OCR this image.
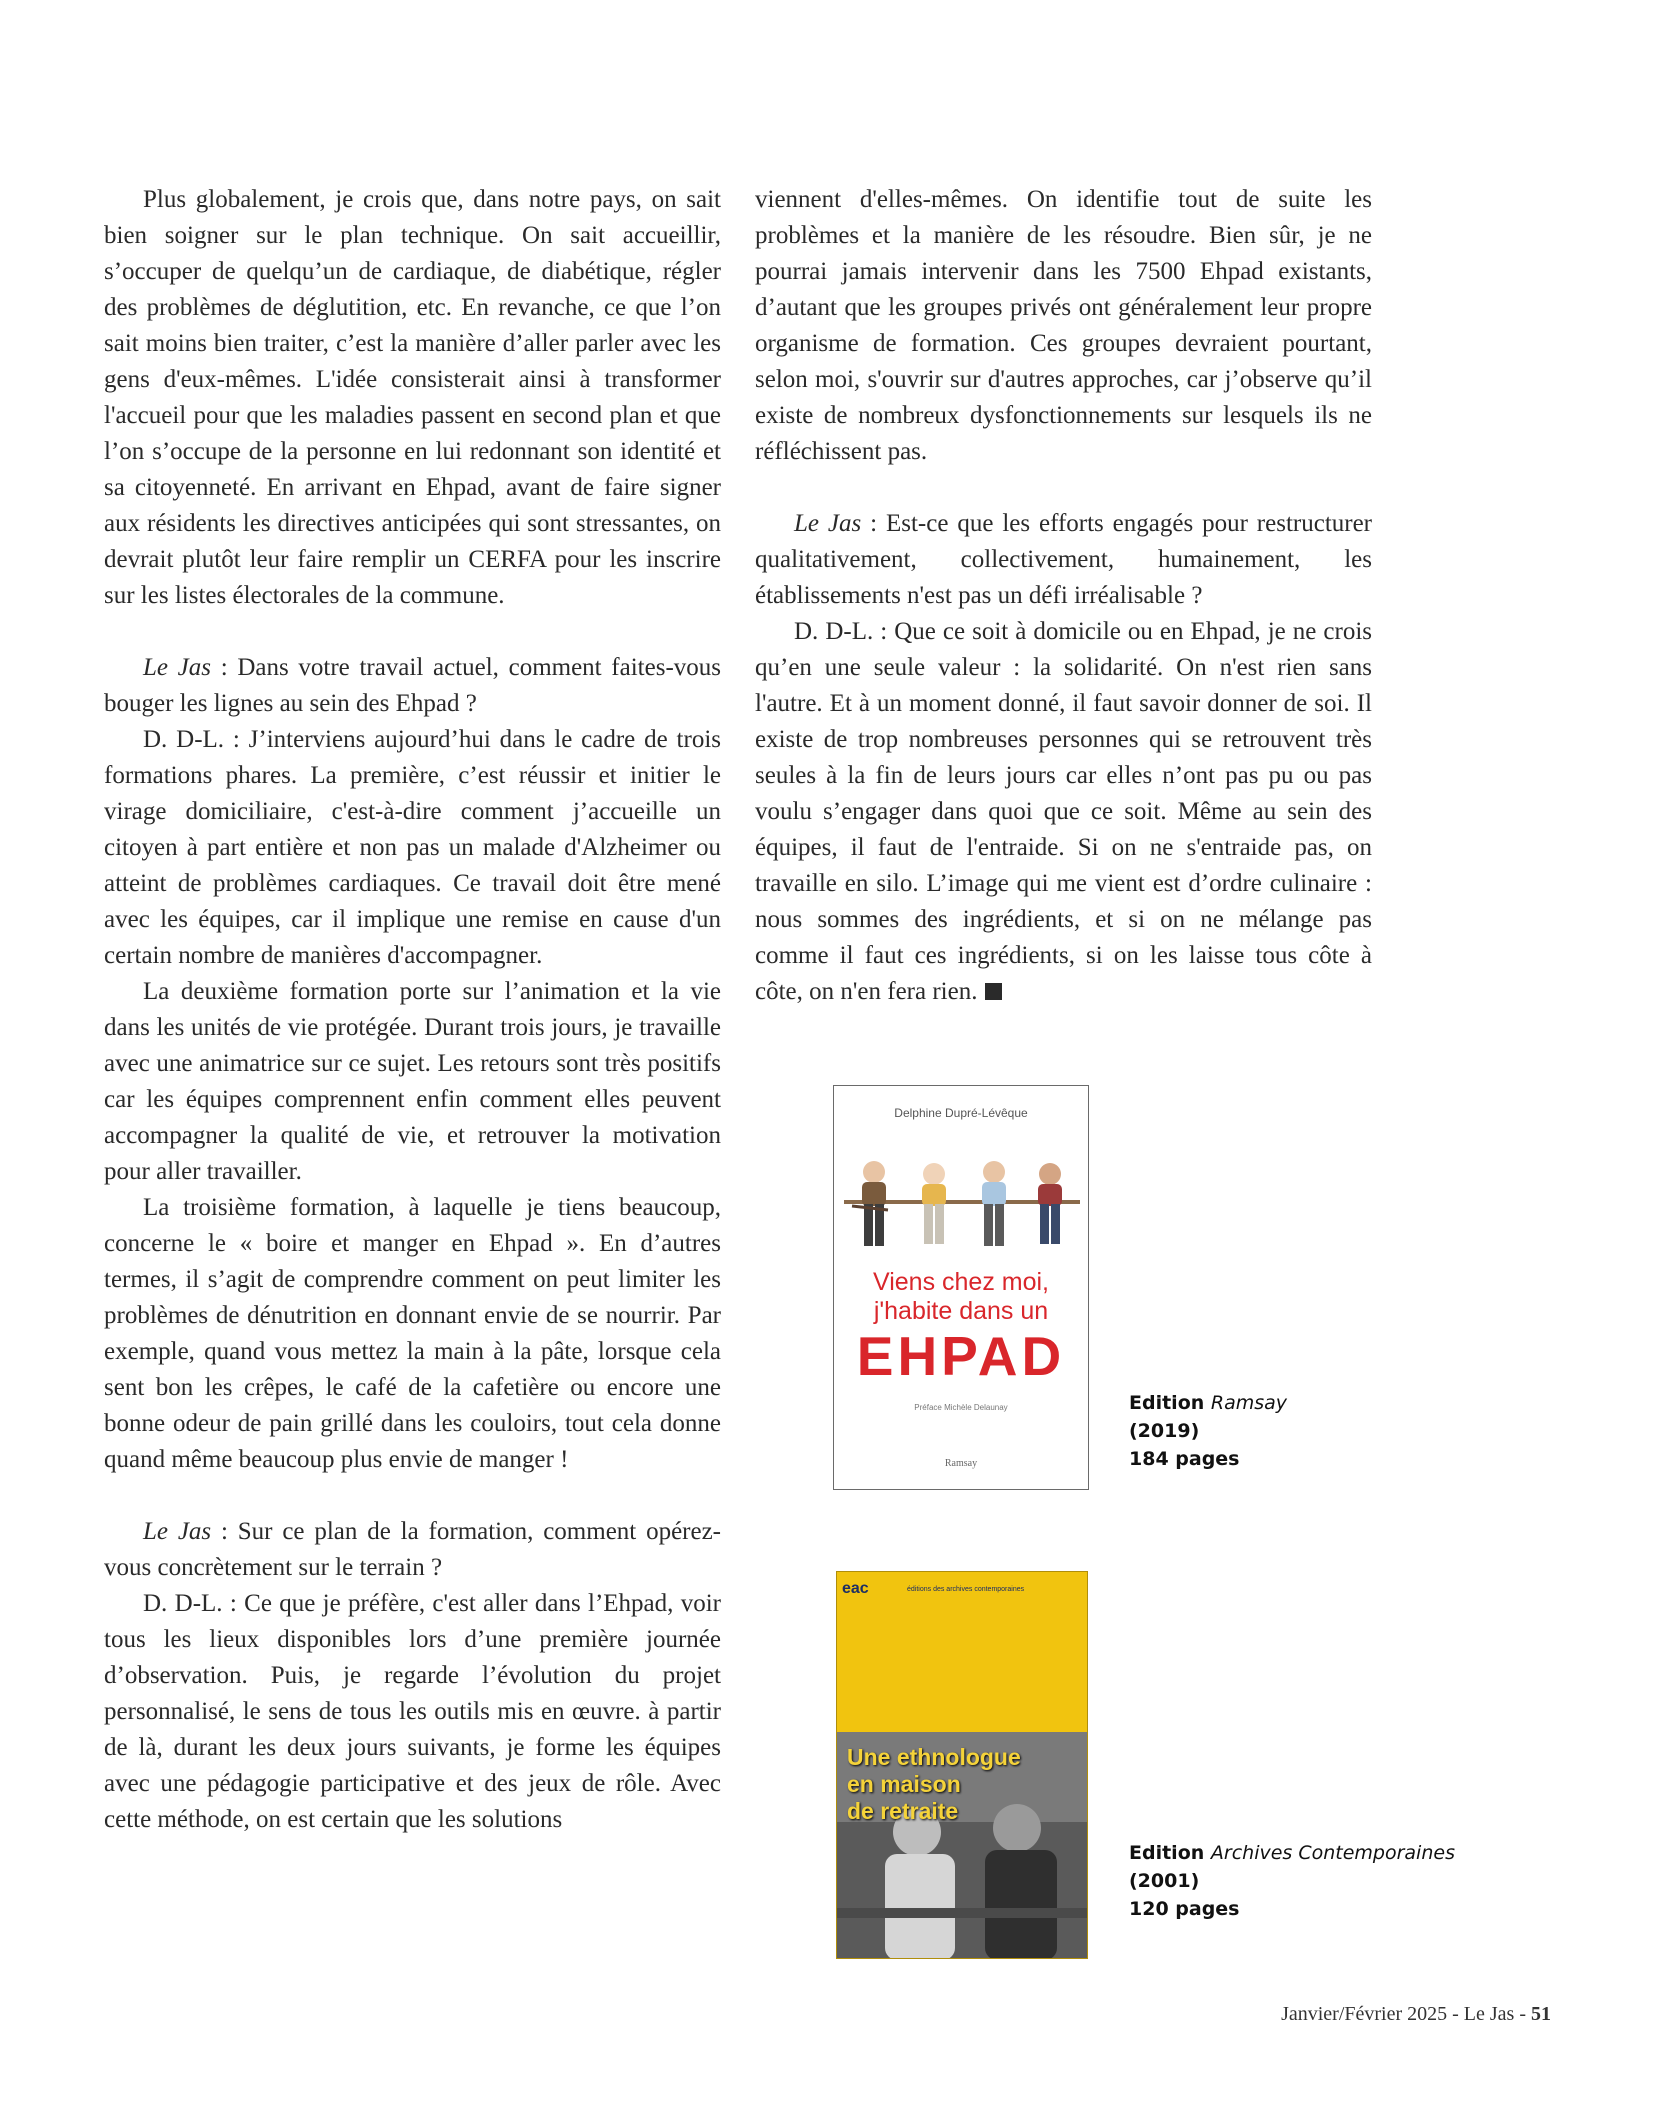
Plus globalement, je crois que, dans notre pays, on sait bien soigner sur le plan technique. On sait accueillir, s’occuper de quelqu’un de cardiaque, de diabétique, régler des problèmes de déglutition, etc. En revanche, ce que l’on sait moins bien traiter, c’est la manière d’aller parler avec les gens d'eux-mêmes. L'idée consisterait ainsi à transformer l'accueil pour que les maladies passent en second plan et que l’on s’occupe de la personne en lui redonnant son identité et sa citoyenneté. En arrivant en Ehpad, avant de faire signer aux résidents les directives anticipées qui sont stressantes, on devrait plutôt leur faire remplir un CERFA pour les inscrire sur les listes électorales de la commune.

Le Jas : Dans votre travail actuel, comment faites-vous bouger les lignes au sein des Ehpad ?

D. D-L. : J’interviens aujourd’hui dans le cadre de trois formations phares. La première, c’est réussir et initier le virage domiciliaire, c'est-à-dire comment j’accueille un citoyen à part entière et non pas un malade d'Alzheimer ou atteint de problèmes cardiaques. Ce travail doit être mené avec les équipes, car il implique une remise en cause d'un certain nombre de manières d'accompagner.

La deuxième formation porte sur l’animation et la vie dans les unités de vie protégée. Durant trois jours, je travaille avec une animatrice sur ce sujet. Les retours sont très positifs car les équipes comprennent enfin comment elles peuvent accompagner la qualité de vie, et retrouver la motivation pour aller travailler.

La troisième formation, à laquelle je tiens beaucoup, concerne le « boire et manger en Ehpad ». En d’autres termes, il s’agit de comprendre comment on peut limiter les problèmes de dénutrition en donnant envie de se nourrir. Par exemple, quand vous mettez la main à la pâte, lorsque cela sent bon les crêpes, le café de la cafetière ou encore une bonne odeur de pain grillé dans les couloirs, tout cela donne quand même beaucoup plus envie de manger !

Le Jas : Sur ce plan de la formation, comment opérez-vous concrètement sur le terrain ?

D. D-L. : Ce que je préfère, c'est aller dans l’Ehpad, voir tous les lieux disponibles lors d’une première journée d’observation. Puis, je regarde l’évolution du projet personnalisé, le sens de tous les outils mis en œuvre. à partir de là, durant les deux jours suivants, je forme les équipes avec une pédagogie participative et des jeux de rôle. Avec cette méthode, on est certain que les solutions

viennent d'elles-mêmes. On identifie tout de suite les problèmes et la manière de les résoudre. Bien sûr, je ne pourrai jamais intervenir dans les 7500 Ehpad existants, d’autant que les groupes privés ont généralement leur propre organisme de formation. Ces groupes devraient pourtant, selon moi, s'ouvrir sur d'autres approches, car j’observe qu’il existe de nombreux dysfonctionnements sur lesquels ils ne réfléchissent pas.

Le Jas : Est-ce que les efforts engagés pour restructurer qualitativement, collectivement, humainement, les établissements n'est pas un défi irréalisable ?

D. D-L. : Que ce soit à domicile ou en Ehpad, je ne crois qu’en une seule valeur : la solidarité. On n'est rien sans l'autre. Et à un moment donné, il faut savoir donner de soi. Il existe de trop nombreuses personnes qui se retrouvent très seules à la fin de leurs jours car elles n’ont pas pu ou pas voulu s’engager dans quoi que ce soit. Même au sein des équipes, il faut de l'entraide. Si on ne s'entraide pas, on travaille en silo. L’image qui me vient est d’ordre culinaire : nous sommes des ingrédients, et si on ne mélange pas comme il faut ces ingrédients, si on les laisse tous côte à côte, on n'en fera rien.

Delphine Dupré-Lévêque
Viens chez moi,
j'habite dans un
EHPAD
Préface Michèle Delaunay
Ramsay
Edition Ramsay
(2019)
184 pages
eac	éditions des archives contemporaines
Une ethnologue
en maison
de retraite
Edition Archives Contemporaines
(2001)
120 pages
Janvier/Février 2025 - Le Jas - 51
